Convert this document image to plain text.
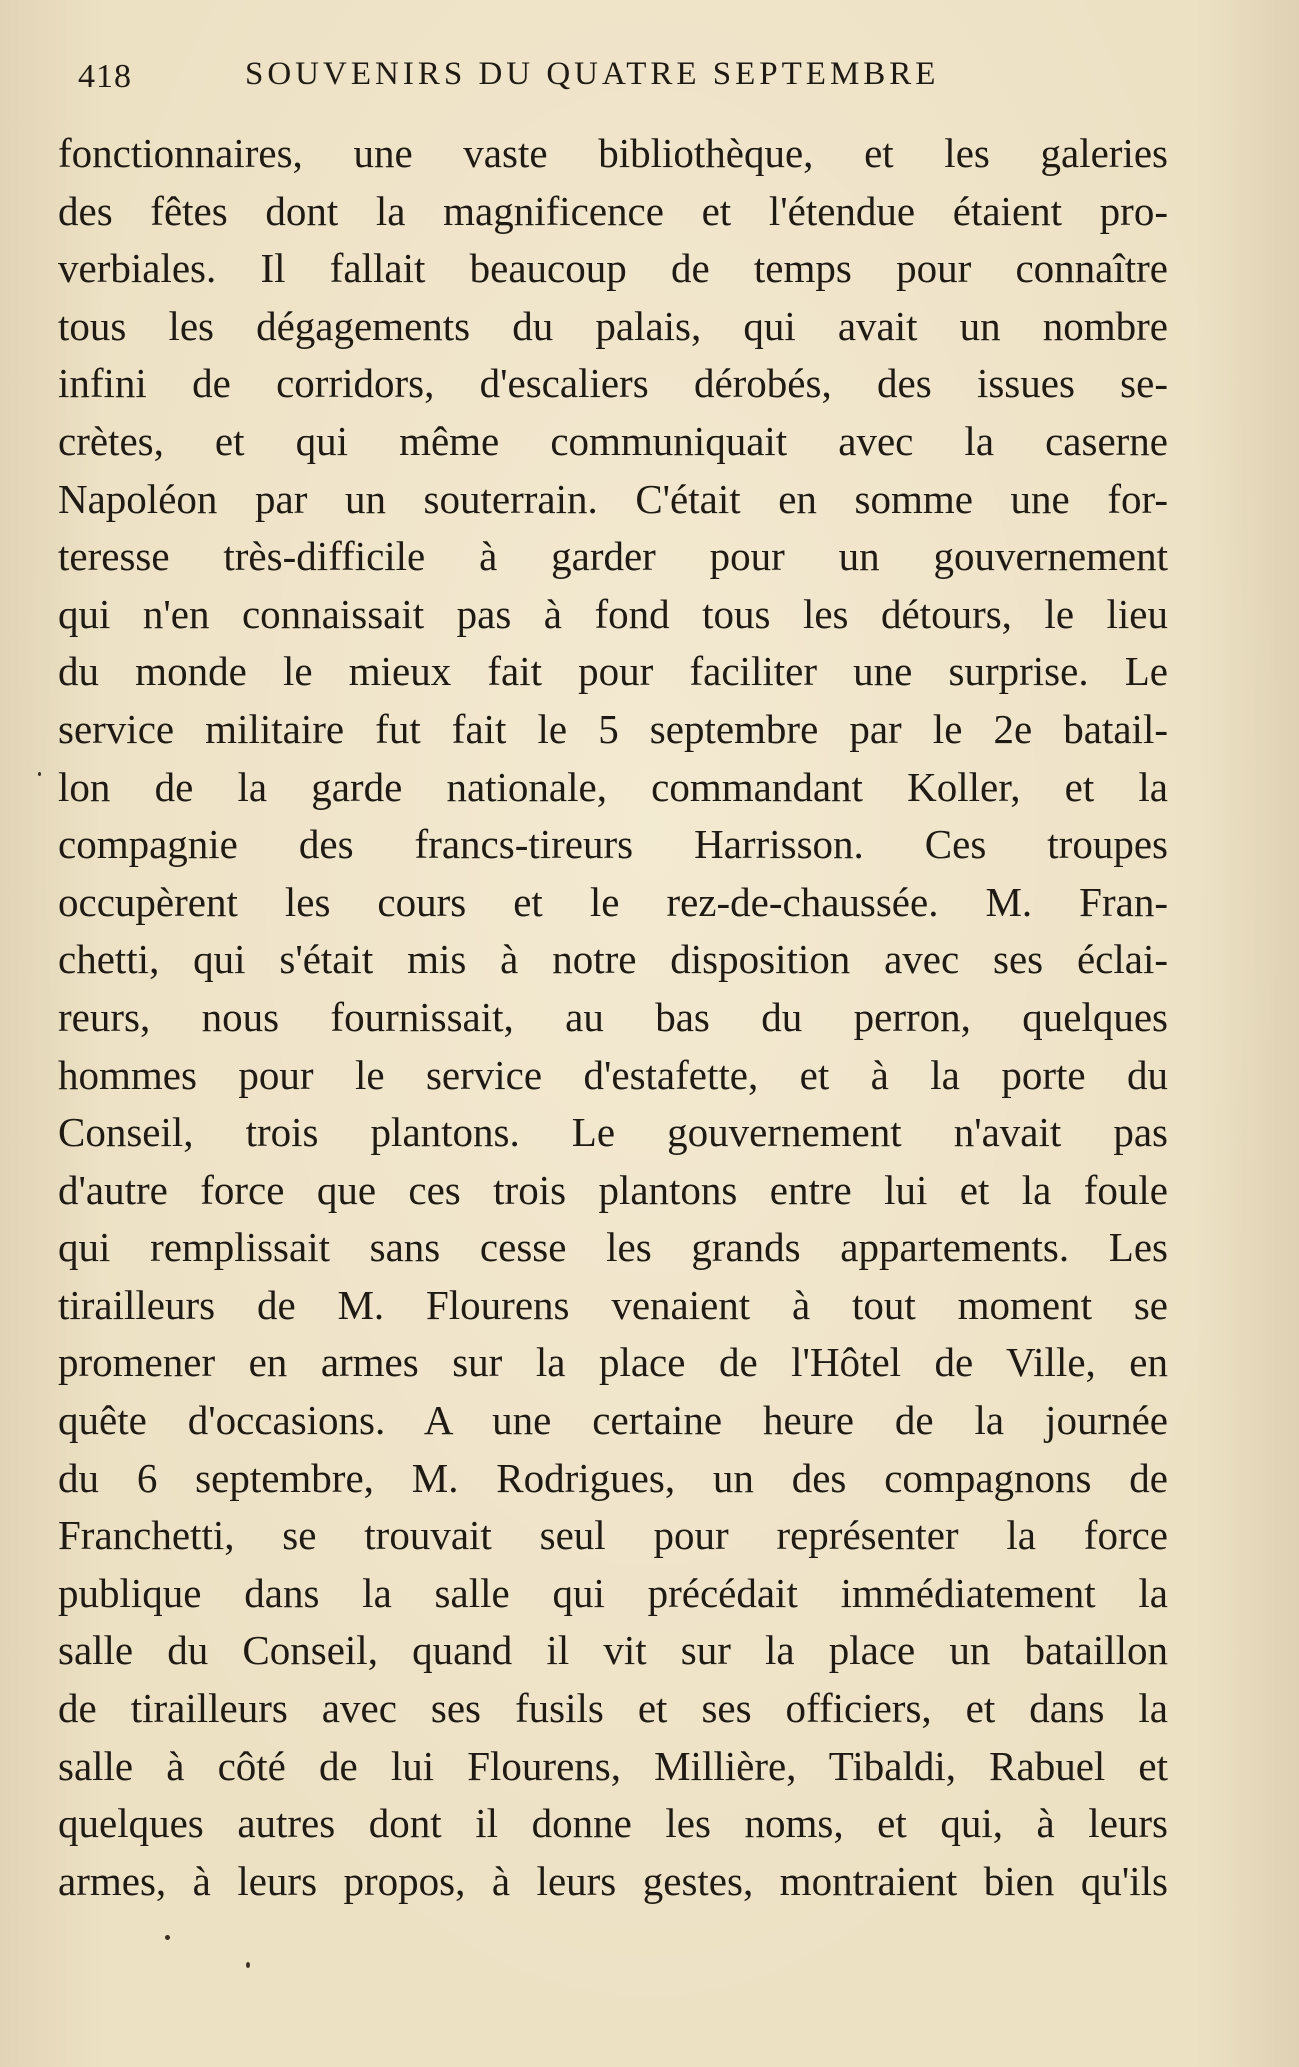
418	SOUVENIRS DU QUATRE SEPTEMBRE
fonctionnaires, une vaste bibliothèque, et les galeries
des fêtes dont la magnificence et l'étendue étaient pro-
verbiales. Il fallait beaucoup de temps pour connaître
tous les dégagements du palais, qui avait un nombre
infini de corridors, d'escaliers dérobés, des issues se-
crètes, et qui même communiquait avec la caserne
Napoléon par un souterrain. C'était en somme une for-
teresse très-difficile à garder pour un gouvernement
qui n'en connaissait pas à fond tous les détours, le lieu
du monde le mieux fait pour faciliter une surprise. Le
service militaire fut fait le 5 septembre par le 2e batail-
lon de la garde nationale, commandant Koller, et la
compagnie des francs-tireurs Harrisson. Ces troupes
occupèrent les cours et le rez-de-chaussée. M. Fran-
chetti, qui s'était mis à notre disposition avec ses éclai-
reurs, nous fournissait, au bas du perron, quelques
hommes pour le service d'estafette, et à la porte du
Conseil, trois plantons. Le gouvernement n'avait pas
d'autre force que ces trois plantons entre lui et la foule
qui remplissait sans cesse les grands appartements. Les
tirailleurs de M. Flourens venaient à tout moment se
promener en armes sur la place de l'Hôtel de Ville, en
quête d'occasions. A une certaine heure de la journée
du 6 septembre, M. Rodrigues, un des compagnons de
Franchetti, se trouvait seul pour représenter la force
publique dans la salle qui précédait immédiatement la
salle du Conseil, quand il vit sur la place un bataillon
de tirailleurs avec ses fusils et ses officiers, et dans la
salle à côté de lui Flourens, Millière, Tibaldi, Rabuel et
quelques autres dont il donne les noms, et qui, à leurs
armes, à leurs propos, à leurs gestes, montraient bien qu'ils
